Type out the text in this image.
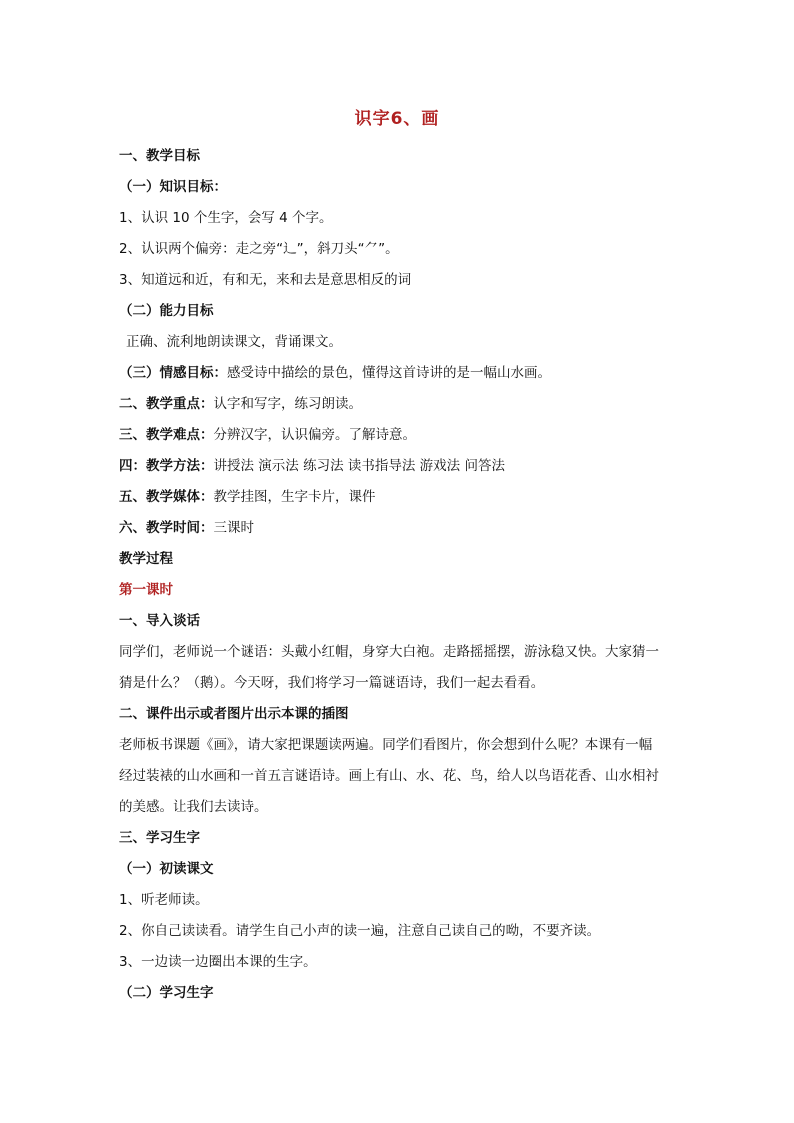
识字6、画
一、教学目标
（一）知识目标：
1、认识 10 个生字，会写 4 个字。
2、认识两个偏旁：走之旁“辶”，斜刀头“⺈”。
3、知道远和近，有和无，来和去是意思相反的词
（二）能力目标
正确、流利地朗读课文，背诵课文。
（三）情感目标：感受诗中描绘的景色，懂得这首诗讲的是一幅山水画。
二、教学重点：认字和写字，练习朗读。
三、教学难点：分辨汉字，认识偏旁。了解诗意。
四：教学方法：讲授法 演示法 练习法 读书指导法 游戏法 问答法
五、教学媒体：教学挂图，生字卡片，课件
六、教学时间：三课时
教学过程
第一课时
一、导入谈话
同学们，老师说一个谜语：头戴小红帽，身穿大白袍。走路摇摇摆，游泳稳又快。大家猜一
猜是什么？（鹅）。今天呀，我们将学习一篇谜语诗，我们一起去看看。
二、课件出示或者图片出示本课的插图
老师板书课题《画》，请大家把课题读两遍。同学们看图片，你会想到什么呢？本课有一幅
经过装裱的山水画和一首五言谜语诗。画上有山、水、花、鸟，给人以鸟语花香、山水相衬
的美感。让我们去读诗。
三、学习生字
（一）初读课文
1、听老师读。
2、你自己读读看。请学生自己小声的读一遍，注意自己读自己的呦，不要齐读。
3、一边读一边圈出本课的生字。
（二）学习生字
